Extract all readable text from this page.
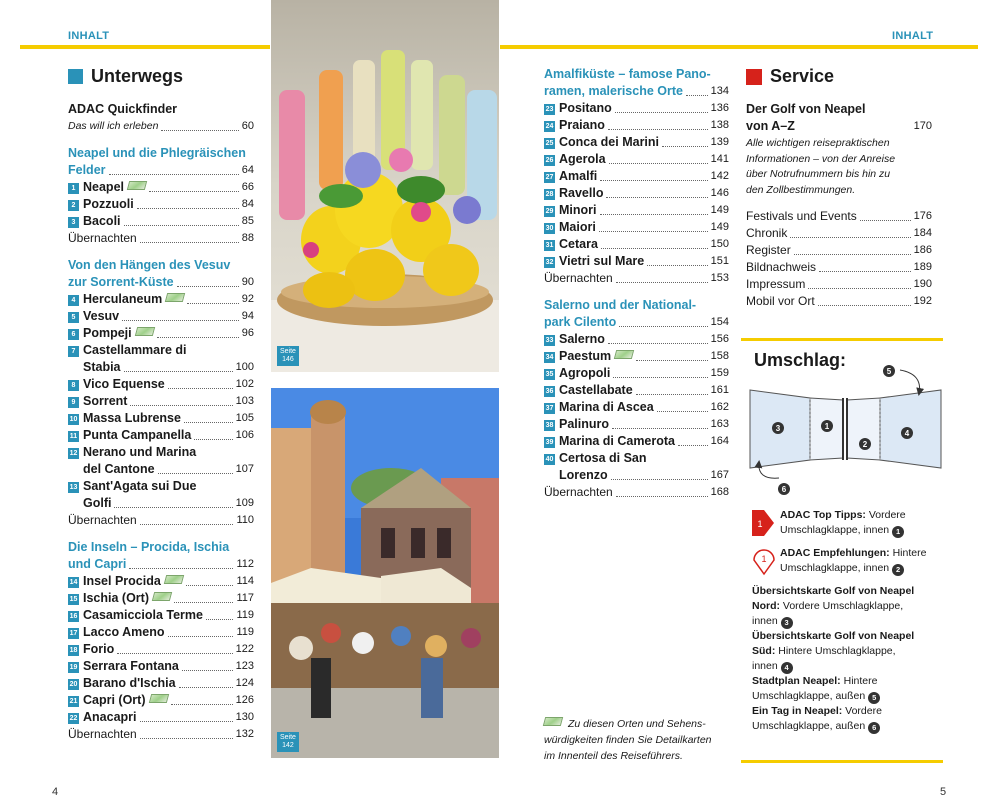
INHALT	INHALT
Unterwegs
ADAC Quickfinder
Das will ich erleben	60
Neapel und die Phlegräischen
Felder	64
1 Neapel	66
2 Pozzuoli	84
3 Bacoli	85
Übernachten	88
Von den Hängen des Vesuv
zur Sorrent-Küste	90
4 Herculaneum	92
5 Vesuv	94
6 Pompeji	96
7 Castellammare di
Stabia	100
8 Vico Equense	102
9 Sorrent	103
10 Massa Lubrense	105
11 Punta Campanella	106
12 Nerano und Marina
del Cantone	107
13 Sant'Agata sui Due
Golfi	109
Übernachten	110
Die Inseln – Procida, Ischia
und Capri	112
14 Insel Procida	114
15 Ischia (Ort)	117
16 Casamicciola Terme	119
17 Lacco Ameno	119
18 Forio	122
19 Serrara Fontana	123
20 Barano d'Ischia	124
21 Capri (Ort)	126
22 Anacapri	130
Übernachten	132
Seite
146
Seite
142
Amalfiküste – famose Pano-
ramen, malerische Orte	134
23 Positano	136
24 Praiano	138
25 Conca dei Marini	139
26 Agerola	141
27 Amalfi	142
28 Ravello	146
29 Minori	149
30 Maiori	149
31 Cetara	150
32 Vietri sul Mare	151
Übernachten	153
Salerno und der National-
park Cilento	154
33 Salerno	156
34 Paestum	158
35 Agropoli	159
36 Castellabate	161
37 Marina di Ascea	162
38 Palinuro	163
39 Marina di Camerota	164
40 Certosa di San
Lorenzo	167
Übernachten	168
Zu diesen Orten und Sehens-
würdigkeiten finden Sie Detailkarten
im Innenteil des Reiseführers.
Service
Der Golf von Neapel
von A–Z	170
Alle wichtigen reisepraktischen
Informationen – von der Anreise
über Notrufnummern bis hin zu
den Zollbestimmungen.
Festivals und Events	176
Chronik	184
Register	186
Bildnachweis	189
Impressum	190
Mobil vor Ort	192
Umschlag:
1
2
3
4
5
6
1
ADAC Top Tipps: Vordere
Umschlagklappe, innen 1
1 ADAC Empfehlungen: Hintere
Umschlagklappe, innen 2
Übersichtskarte Golf von Neapel
Nord: Vordere Umschlagklappe,
innen 3
Übersichtskarte Golf von Neapel
Süd: Hintere Umschlagklappe,
innen 4
Stadtplan Neapel: Hintere
Umschlagklappe, außen 5
Ein Tag in Neapel: Vordere
Umschlagklappe, außen 6
4	5
